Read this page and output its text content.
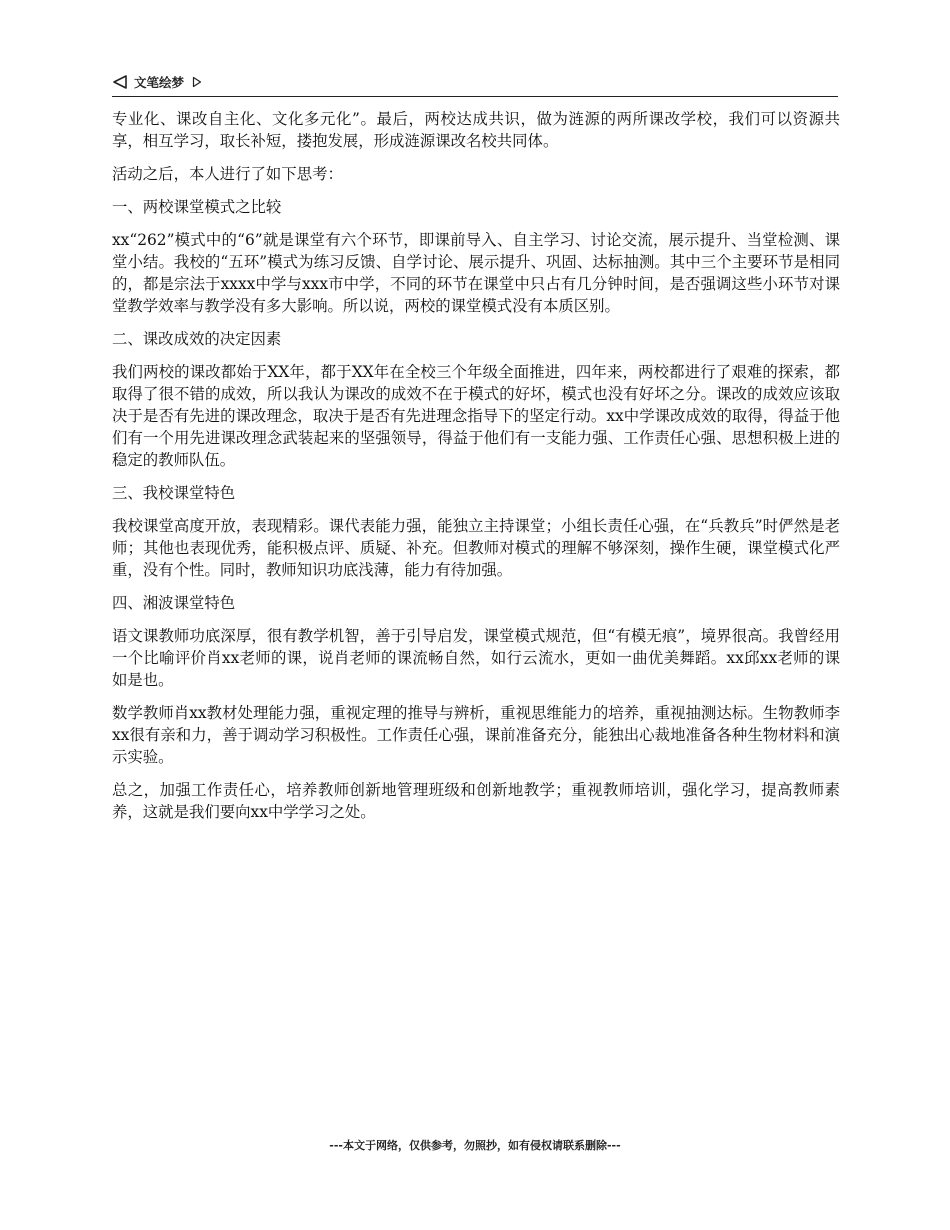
文笔绘梦

专业化、课改自主化、文化多元化”。最后，两校达成共识，做为涟源的两所课改学校，我们可以资源共享，相互学习，取长补短，搂抱发展，形成涟源课改名校共同体。

活动之后，本人进行了如下思考：

一、两校课堂模式之比较

xx“262”模式中的“6”就是课堂有六个环节，即课前导入、自主学习、讨论交流，展示提升、当堂检测、课堂小结。我校的“五环”模式为练习反馈、自学讨论、展示提升、巩固、达标抽测。其中三个主要环节是相同的，都是宗法于xxxx中学与xxx市中学，不同的环节在课堂中只占有几分钟时间，是否强调这些小环节对课堂教学效率与教学没有多大影响。所以说，两校的课堂模式没有本质区别。

二、课改成效的决定因素

我们两校的课改都始于XX年，都于XX年在全校三个年级全面推进，四年来，两校都进行了艰难的探索，都取得了很不错的成效，所以我认为课改的成效不在于模式的好坏，模式也没有好坏之分。课改的成效应该取决于是否有先进的课改理念，取决于是否有先进理念指导下的坚定行动。xx中学课改成效的取得，得益于他们有一个用先进课改理念武装起来的坚强领导，得益于他们有一支能力强、工作责任心强、思想积极上进的稳定的教师队伍。

三、我校课堂特色

我校课堂高度开放，表现精彩。课代表能力强，能独立主持课堂；小组长责任心强，在“兵教兵”时俨然是老师；其他也表现优秀，能积极点评、质疑、补充。但教师对模式的理解不够深刻，操作生硬，课堂模式化严重，没有个性。同时，教师知识功底浅薄，能力有待加强。

四、湘波课堂特色

语文课教师功底深厚，很有教学机智，善于引导启发，课堂模式规范，但“有模无痕”，境界很高。我曾经用一个比喻评价肖xx老师的课，说肖老师的课流畅自然，如行云流水，更如一曲优美舞蹈。xx邱xx老师的课如是也。

数学教师肖xx教材处理能力强，重视定理的推导与辨析，重视思维能力的培养，重视抽测达标。生物教师李xx很有亲和力，善于调动学习积极性。工作责任心强，课前准备充分，能独出心裁地准备各种生物材料和演示实验。

总之，加强工作责任心，培养教师创新地管理班级和创新地教学；重视教师培训，强化学习，提高教师素养，这就是我们要向xx中学学习之处。

---本文于网络，仅供参考，勿照抄，如有侵权请联系删除---
